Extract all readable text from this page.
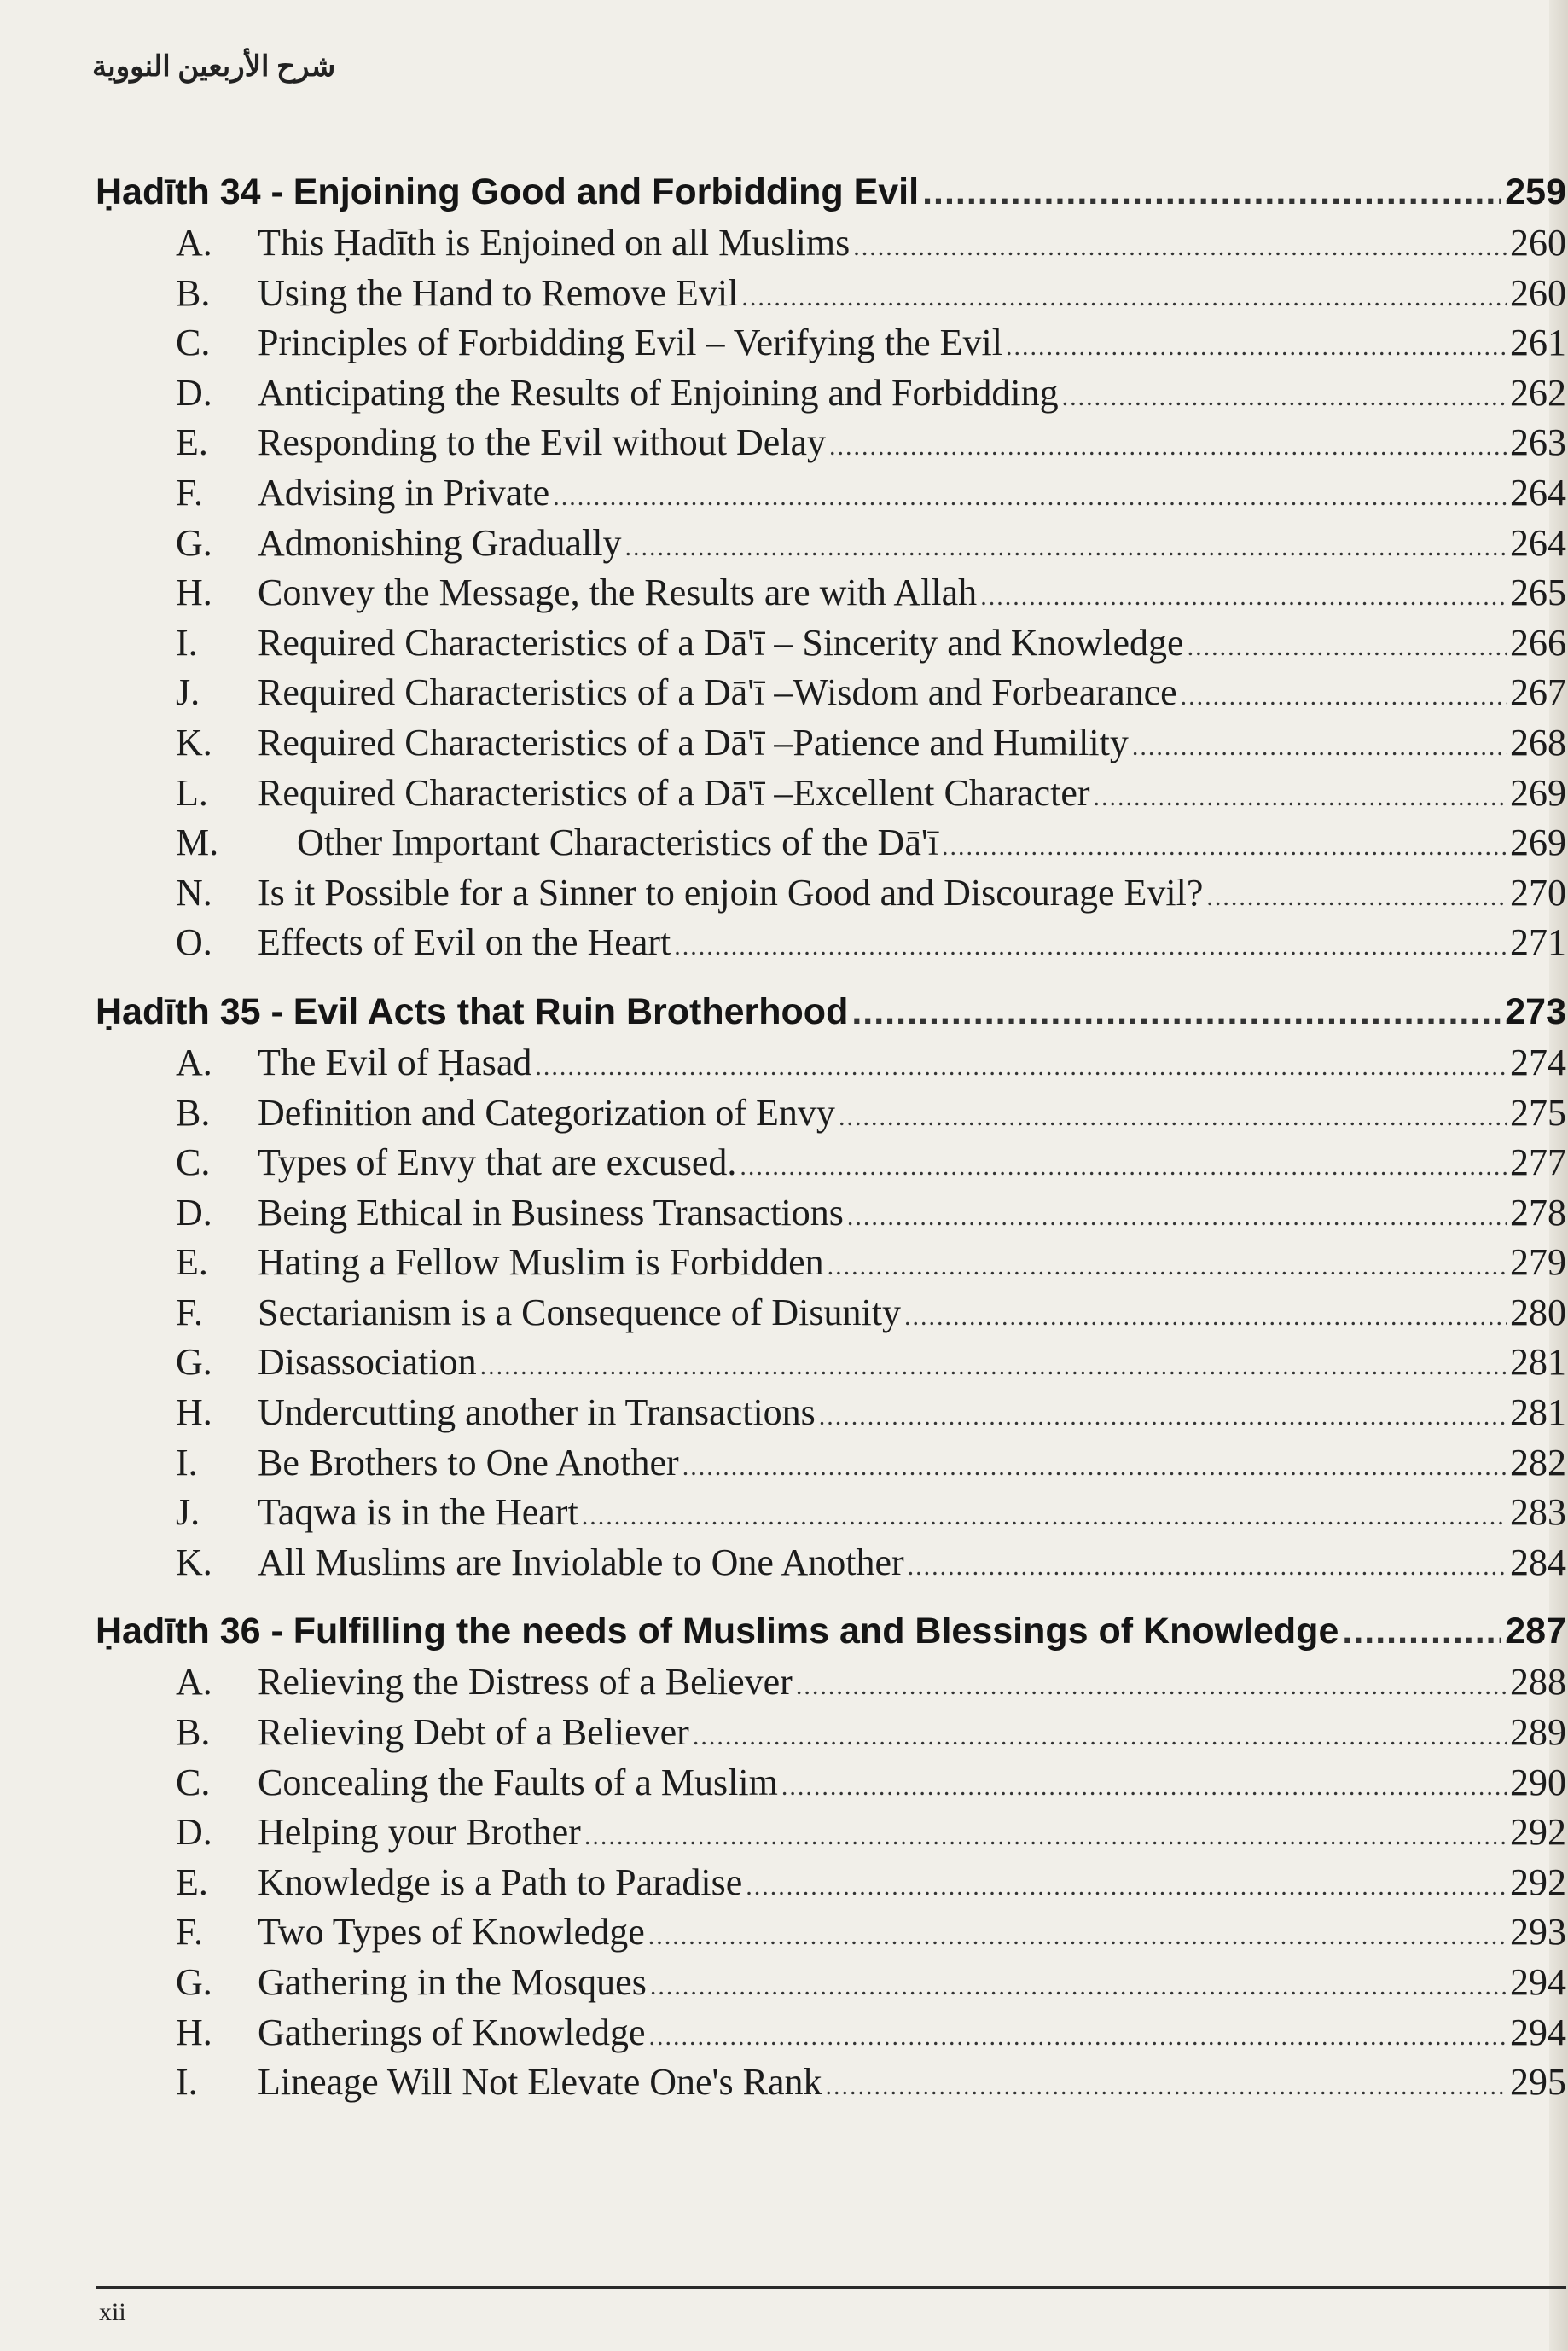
شرح الأربعين النووية
Ḥadīth 34 - Enjoining Good and Forbidding Evil .....	259
A.	This Ḥadīth is Enjoined on all Muslims .....	260
B.	Using the Hand to Remove Evil .....	260
C.	Principles of Forbidding Evil – Verifying the Evil .....	261
D.	Anticipating the Results of Enjoining and Forbidding .....	262
E.	Responding to the Evil without Delay .....	263
F.	Advising in Private .....	264
G.	Admonishing Gradually .....	264
H.	Convey the Message, the Results are with Allah .....	265
I.	Required Characteristics of a Dā'ī – Sincerity and Knowledge .....	266
J.	Required Characteristics of a Dā'ī –Wisdom and Forbearance .....	267
K.	Required Characteristics of a Dā'ī –Patience and Humility .....	268
L.	Required Characteristics of a Dā'ī –Excellent Character .....	269
M.	Other Important Characteristics of the Dā'ī .....	269
N.	Is it Possible for a Sinner to enjoin Good and Discourage Evil? .....	270
O.	Effects of Evil on the Heart .....	271
Ḥadīth 35 - Evil Acts that Ruin Brotherhood .....	273
A.	The Evil of Ḥasad .....	274
B.	Definition and Categorization of Envy .....	275
C.	Types of Envy that are excused. .....	277
D.	Being Ethical in Business Transactions .....	278
E.	Hating a Fellow Muslim is Forbidden .....	279
F.	Sectarianism is a Consequence of Disunity .....	280
G.	Disassociation .....	281
H.	Undercutting another in Transactions .....	281
I.	Be Brothers to One Another .....	282
J.	Taqwa is in the Heart .....	283
K.	All Muslims are Inviolable to One Another .....	284
Ḥadīth 36 - Fulfilling the needs of Muslims and Blessings of Knowledge .....	287
A.	Relieving the Distress of a Believer .....	288
B.	Relieving Debt of a Believer .....	289
C.	Concealing the Faults of a Muslim .....	290
D.	Helping your Brother .....	292
E.	Knowledge is a Path to Paradise .....	292
F.	Two Types of Knowledge .....	293
G.	Gathering in the Mosques .....	294
H.	Gatherings of Knowledge .....	294
I.	Lineage Will Not Elevate One's Rank .....	295
xii
